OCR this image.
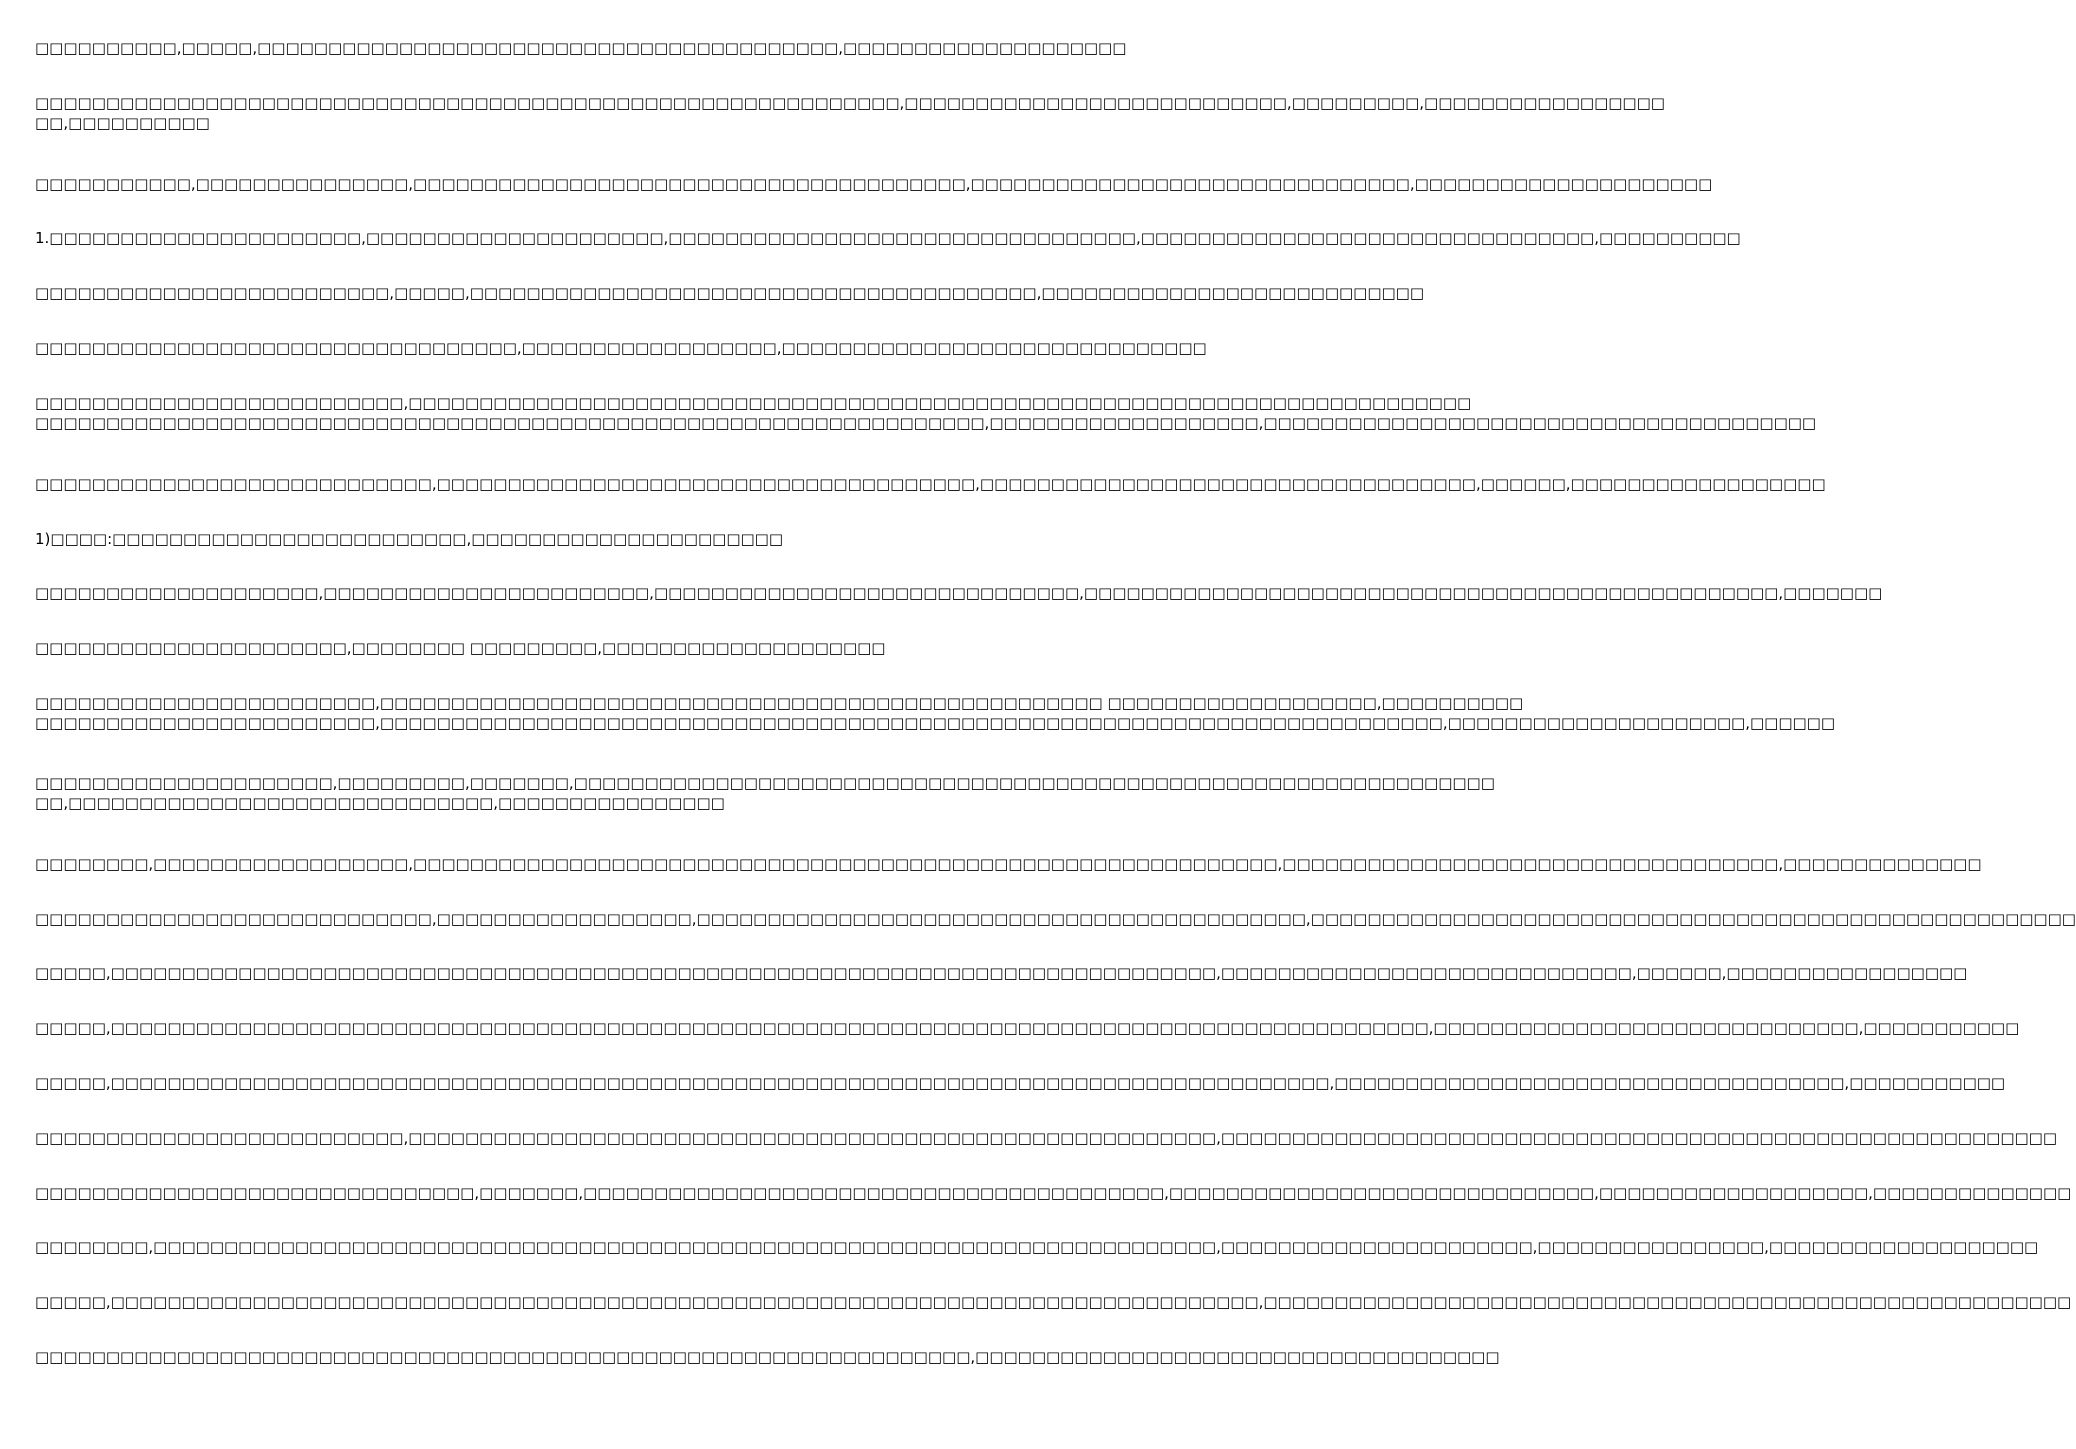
□□□□□□□□□□,□□□□□,□□□□□□□□□□□□□□□□□□□□□□□□□□□□□□□□□□□□□□□□□,□□□□□□□□□□□□□□□□□□□□

□□□□□□□□□□□□□□□□□□□□□□□□□□□□□□□□□□□□□□□□□□□□□□□□□□□□□□□□□□□□□,□□□□□□□□□□□□□□□□□□□□□□□□□□□,□□□□□□□□□,□□□□□□□□□□□□□□□□□
□□,□□□□□□□□□□

□□□□□□□□□□□,□□□□□□□□□□□□□□□,□□□□□□□□□□□□□□□□□□□□□□□□□□□□□□□□□□□□□□□,□□□□□□□□□□□□□□□□□□□□□□□□□□□□□□□,□□□□□□□□□□□□□□□□□□□□□

1.□□□□□□□□□□□□□□□□□□□□□□,□□□□□□□□□□□□□□□□□□□□□,□□□□□□□□□□□□□□□□□□□□□□□□□□□□□□□□□,□□□□□□□□□□□□□□□□□□□□□□□□□□□□□□□□,□□□□□□□□□□

□□□□□□□□□□□□□□□□□□□□□□□□□,□□□□□,□□□□□□□□□□□□□□□□□□□□□□□□□□□□□□□□□□□□□□□□,□□□□□□□□□□□□□□□□□□□□□□□□□□□

□□□□□□□□□□□□□□□□□□□□□□□□□□□□□□□□□□,□□□□□□□□□□□□□□□□□□,□□□□□□□□□□□□□□□□□□□□□□□□□□□□□□

□□□□□□□□□□□□□□□□□□□□□□□□□□,□□□□□□□□□□□□□□□□□□□□□□□□□□□□□□□□□□□□□□□□□□□□□□□□□□□□□□□□□□□□□□□□□□□□□□□□□□□
□□□□□□□□□□□□□□□□□□□□□□□□□□□□□□□□□□□□□□□□□□□□□□□□□□□□□□□□□□□□□□□□□□□,□□□□□□□□□□□□□□□□□□□,□□□□□□□□□□□□□□□□□□□□□□□□□□□□□□□□□□□□□□□

□□□□□□□□□□□□□□□□□□□□□□□□□□□□,□□□□□□□□□□□□□□□□□□□□□□□□□□□□□□□□□□□□□□,□□□□□□□□□□□□□□□□□□□□□□□□□□□□□□□□□□□,□□□□□□,□□□□□□□□□□□□□□□□□□

1)□□□□:□□□□□□□□□□□□□□□□□□□□□□□□□,□□□□□□□□□□□□□□□□□□□□□□

□□□□□□□□□□□□□□□□□□□□,□□□□□□□□□□□□□□□□□□□□□□□,□□□□□□□□□□□□□□□□□□□□□□□□□□□□□□,□□□□□□□□□□□□□□□□□□□□□□□□□□□□□□□□□□□□□□□□□□□□□□□□□,□□□□□□□

□□□□□□□□□□□□□□□□□□□□□□,□□□□□□□□ □□□□□□□□□,□□□□□□□□□□□□□□□□□□□□

□□□□□□□□□□□□□□□□□□□□□□□□,□□□□□□□□□□□□□□□□□□□□□□□□□□□□□□□□□□□□□□□□□□□□□□□□□□□ □□□□□□□□□□□□□□□□□□□,□□□□□□□□□□
□□□□□□□□□□□□□□□□□□□□□□□□,□□□□□□□□□□□□□□□□□□□□□□□□□□□□□□□□□□□□□□□□□□□□□□□□□□□□□□□□□□□□□□□□□□□□□□□□□□□,□□□□□□□□□□□□□□□□□□□□□,□□□□□□

□□□□□□□□□□□□□□□□□□□□□,□□□□□□□□□,□□□□□□□,□□□□□□□□□□□□□□□□□□□□□□□□□□□□□□□□□□□□□□□□□□□□□□□□□□□□□□□□□□□□□□□□□
□□,□□□□□□□□□□□□□□□□□□□□□□□□□□□□□□,□□□□□□□□□□□□□□□□

□□□□□□□□,□□□□□□□□□□□□□□□□□□,□□□□□□□□□□□□□□□□□□□□□□□□□□□□□□□□□□□□□□□□□□□□□□□□□□□□□□□□□□□□□,□□□□□□□□□□□□□□□□□□□□□□□□□□□□□□□□□□□,□□□□□□□□□□□□□□

□□□□□□□□□□□□□□□□□□□□□□□□□□□□,□□□□□□□□□□□□□□□□□□,□□□□□□□□□□□□□□□□□□□□□□□□□□□□□□□□□□□□□□□□□□□,□□□□□□□□□□□□□□□□□□□□□□□□□□□□□□□□□□□□□□□□□□□□□□□□□□□□□□

□□□□□,□□□□□□□□□□□□□□□□□□□□□□□□□□□□□□□□□□□□□□□□□□□□□□□□□□□□□□□□□□□□□□□□□□□□□□□□□□□□□□,□□□□□□□□□□□□□□□□□□□□□□□□□□□□□,□□□□□□,□□□□□□□□□□□□□□□□□

□□□□□,□□□□□□□□□□□□□□□□□□□□□□□□□□□□□□□□□□□□□□□□□□□□□□□□□□□□□□□□□□□□□□□□□□□□□□□□□□□□□□□□□□□□□□□□□□□□□,□□□□□□□□□□□□□□□□□□□□□□□□□□□□□□,□□□□□□□□□□□

□□□□□,□□□□□□□□□□□□□□□□□□□□□□□□□□□□□□□□□□□□□□□□□□□□□□□□□□□□□□□□□□□□□□□□□□□□□□□□□□□□□□□□□□□□□□,□□□□□□□□□□□□□□□□□□□□□□□□□□□□□□□□□□□□,□□□□□□□□□□□

□□□□□□□□□□□□□□□□□□□□□□□□□□,□□□□□□□□□□□□□□□□□□□□□□□□□□□□□□□□□□□□□□□□□□□□□□□□□□□□□□□□□,□□□□□□□□□□□□□□□□□□□□□□□□□□□□□□□□□□□□□□□□□□□□□□□□□□□□□□□□□□□

□□□□□□□□□□□□□□□□□□□□□□□□□□□□□□□,□□□□□□□,□□□□□□□□□□□□□□□□□□□□□□□□□□□□□□□□□□□□□□□□□,□□□□□□□□□□□□□□□□□□□□□□□□□□□□□□,□□□□□□□□□□□□□□□□□□□,□□□□□□□□□□□□□□

□□□□□□□□,□□□□□□□□□□□□□□□□□□□□□□□□□□□□□□□□□□□□□□□□□□□□□□□□□□□□□□□□□□□□□□□□□□□□□□□□□□□,□□□□□□□□□□□□□□□□□□□□□□,□□□□□□□□□□□□□□□□,□□□□□□□□□□□□□□□□□□□

□□□□□,□□□□□□□□□□□□□□□□□□□□□□□□□□□□□□□□□□□□□□□□□□□□□□□□□□□□□□□□□□□□□□□□□□□□□□□□□□□□□□□□□,□□□□□□□□□□□□□□□□□□□□□□□□□□□□□□□□□□□□□□□□□□□□□□□□□□□□□□□□□

□□□□□□□□□□□□□□□□□□□□□□□□□□□□□□□□□□□□□□□□□□□□□□□□□□□□□□□□□□□□□□□□□□,□□□□□□□□□□□□□□□□□□□□□□□□□□□□□□□□□□□□□
